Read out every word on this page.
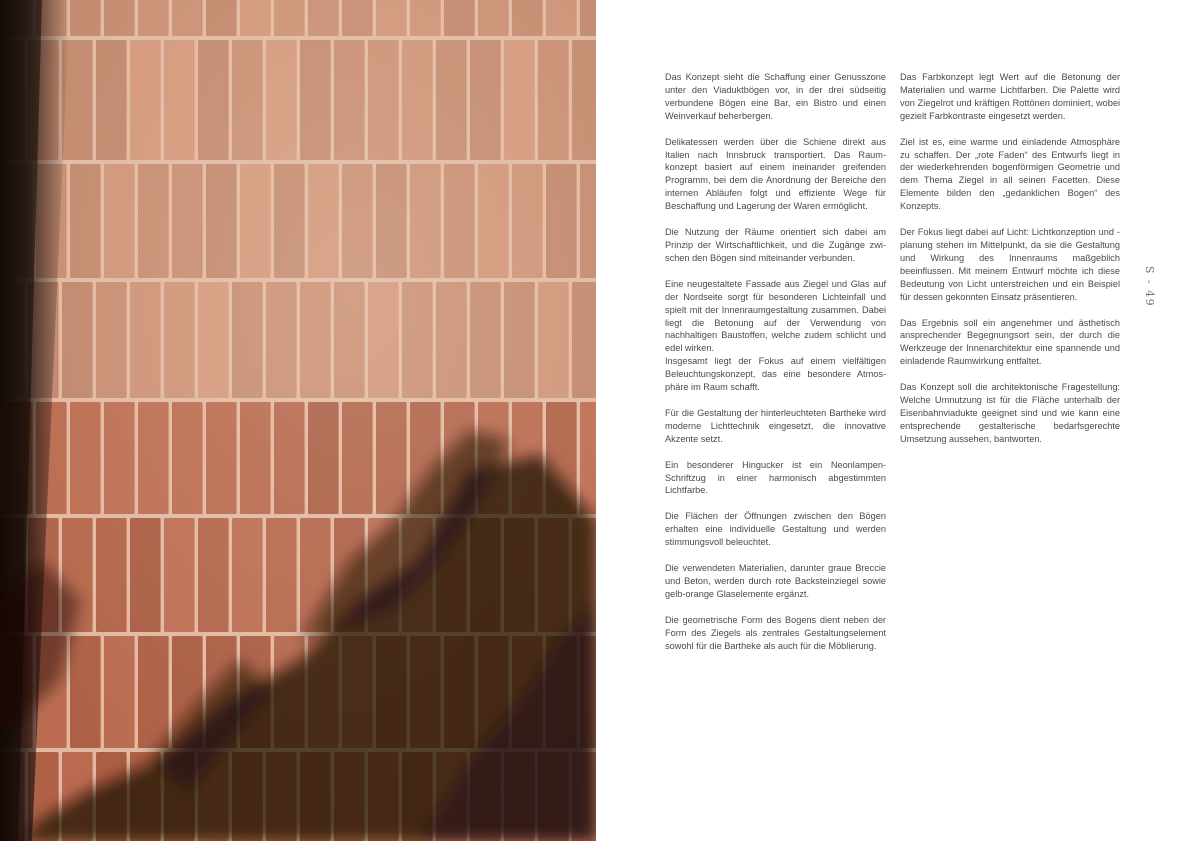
Das Konzept sieht die Schaffung einer Genusszone unter den Viaduktbögen vor, in der drei südseitig verbundene Bögen eine Bar, ein Bistro und einen Weinverkauf beherbergen.

Delikatessen werden über die Schiene direkt aus Italien nach Innsbruck transportiert. Das Raumkonzept basiert auf einem ineinander greifenden Programm, bei dem die Anordnung der Bereiche den internen Abläufen folgt und effiziente Wege für Beschaffung und Lagerung der Waren ermöglicht.

Die Nutzung der Räume orientiert sich dabei am Prinzip der Wirtschaftlichkeit, und die Zugänge zwischen den Bögen sind miteinander verbunden.

Eine neugestaltete Fassade aus Ziegel und Glas auf der Nordseite sorgt für besonderen Lichteinfall und spielt mit der Innenraumgestaltung zusammen. Dabei liegt die Betonung auf der Verwendung von nachhaltigen Baustoffen, welche zudem schlicht und edel wirken.
Insgesamt liegt der Fokus auf einem vielfältigen Beleuchtungskonzept, das eine besondere Atmosphäre im Raum schafft.

Für die Gestaltung der hinterleuchteten Bartheke wird moderne Lichttechnik eingesetzt, die innovative Akzente setzt.

Ein besonderer Hingucker ist ein Neonlampen-Schriftzug in einer harmonisch abgestimmten Lichtfarbe.

Die Flächen der Öffnungen zwischen den Bögen erhalten eine individuelle Gestaltung und werden stimmungsvoll beleuchtet.

Die verwendeten Materialien, darunter graue Breccie und Beton, werden durch rote Backsteinziegel sowie gelb-orange Glaselemente ergänzt.

Die geometrische Form des Bogens dient neben der Form des Ziegels als zentrales Gestaltungselement sowohl für die Bartheke als auch für die Möblierung.

Das Farbkonzept legt Wert auf die Betonung der Materialien und warme Lichtfarben. Die Palette wird von Ziegelrot und kräftigen Rottönen dominiert, wobei gezielt Farbkontraste eingesetzt werden.

Ziel ist es, eine warme und einladende Atmosphäre zu schaffen. Der „rote Faden“ des Entwurfs liegt in der wiederkehrenden bogenförmigen Geometrie und dem Thema Ziegel in all seinen Facetten. Diese Elemente bilden den „gedanklichen Bogen“ des Konzepts.

Der Fokus liegt dabei auf Licht: Lichtkonzeption und -planung stehen im Mittelpunkt, da sie die Gestaltung und Wirkung des Innenraums maßgeblich beeinflussen. Mit meinem Entwurf möchte ich diese Bedeutung von Licht unterstreichen und ein Beispiel für dessen gekonnten Einsatz präsentieren.

Das Ergebnis soll ein angenehmer und ästhetisch ansprechender Begegnungsort sein, der durch die Werkzeuge der Innenarchitektur eine spannende und einladende Raumwirkung entfaltet.

Das Konzept soll die architektonische Fragestellung: Welche Umnutzung ist für die Fläche unterhalb der Eisenbahnviadukte geeignet sind und wie kann eine entsprechende gestalterische bedarfsgerechte Umsetzung aussehen, bantworten.

S - 49
